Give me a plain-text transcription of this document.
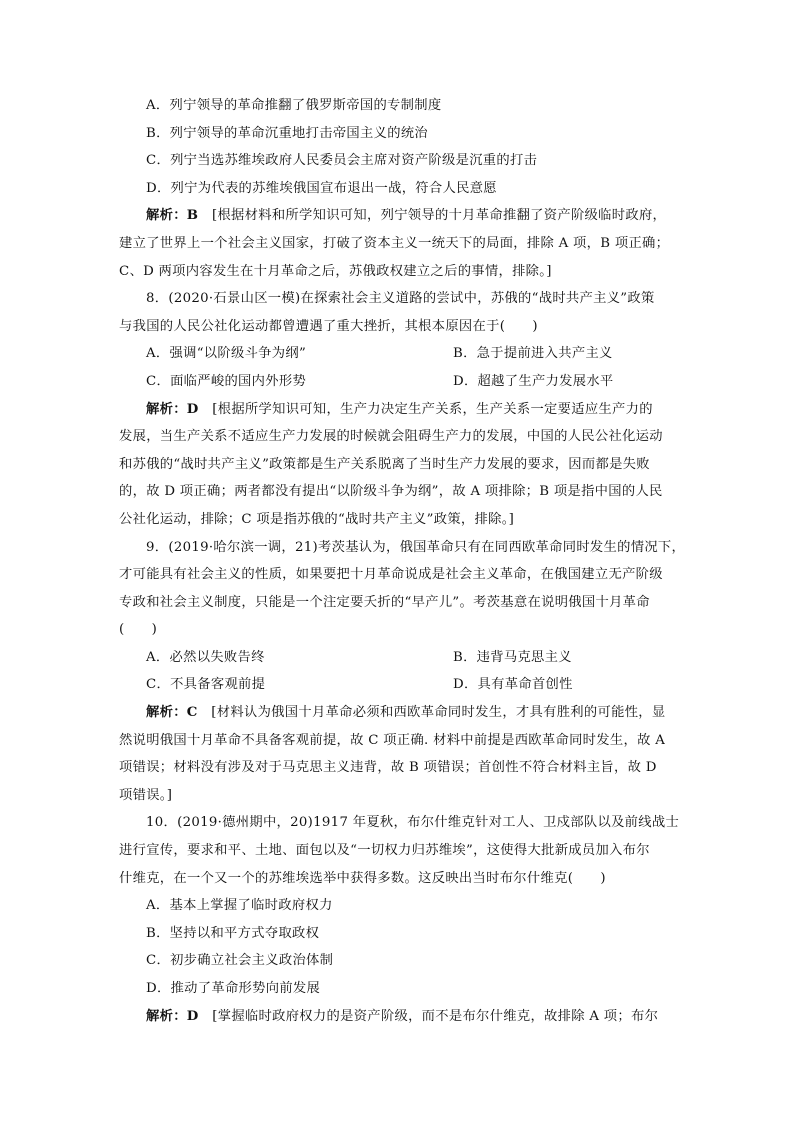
A．列宁领导的革命推翻了俄罗斯帝国的专制制度
B．列宁领导的革命沉重地打击帝国主义的统治
C．列宁当选苏维埃政府人民委员会主席对资产阶级是沉重的打击
D．列宁为代表的苏维埃俄国宣布退出一战，符合人民意愿
解析：B  [根据材料和所学知识可知，列宁领导的十月革命推翻了资产阶级临时政府，
建立了世界上一个社会主义国家，打破了资本主义一统天下的局面，排除 A 项，B 项正确；
C、D 两项内容发生在十月革命之后，苏俄政权建立之后的事情，排除。]
8．(2020·石景山区一模)在探索社会主义道路的尝试中，苏俄的“战时共产主义”政策
与我国的人民公社化运动都曾遭遇了重大挫折，其根本原因在于(　　)
A．强调“以阶级斗争为纲”	B．急于提前进入共产主义
C．面临严峻的国内外形势	D．超越了生产力发展水平
解析：D  [根据所学知识可知，生产力决定生产关系，生产关系一定要适应生产力的
发展，当生产关系不适应生产力发展的时候就会阻碍生产力的发展，中国的人民公社化运动
和苏俄的“战时共产主义”政策都是生产关系脱离了当时生产力发展的要求，因而都是失败
的，故 D 项正确；两者都没有提出“以阶级斗争为纲”，故 A 项排除；B 项是指中国的人民
公社化运动，排除；C 项是指苏俄的“战时共产主义”政策，排除。]
9．(2019·哈尔滨一调，21)考茨基认为，俄国革命只有在同西欧革命同时发生的情况下，
才可能具有社会主义的性质，如果要把十月革命说成是社会主义革命，在俄国建立无产阶级
专政和社会主义制度，只能是一个注定要夭折的“早产儿”。考茨基意在说明俄国十月革命
(　　)
A．必然以失败告终	B．违背马克思主义
C．不具备客观前提	D．具有革命首创性
解析：C  [材料认为俄国十月革命必须和西欧革命同时发生，才具有胜利的可能性，显
然说明俄国十月革命不具备客观前提，故 C 项正确. 材料中前提是西欧革命同时发生，故 A
项错误；材料没有涉及对于马克思主义违背，故 B 项错误；首创性不符合材料主旨，故 D
项错误。]
10．(2019·德州期中，20)1917 年夏秋，布尔什维克针对工人、卫戍部队以及前线战士
进行宣传，要求和平、土地、面包以及“一切权力归苏维埃”，这使得大批新成员加入布尔
什维克，在一个又一个的苏维埃选举中获得多数。这反映出当时布尔什维克(　　)
A．基本上掌握了临时政府权力
B．坚持以和平方式夺取政权
C．初步确立社会主义政治体制
D．推动了革命形势向前发展
解析：D  [掌握临时政府权力的是资产阶级，而不是布尔什维克，故排除 A 项；布尔
